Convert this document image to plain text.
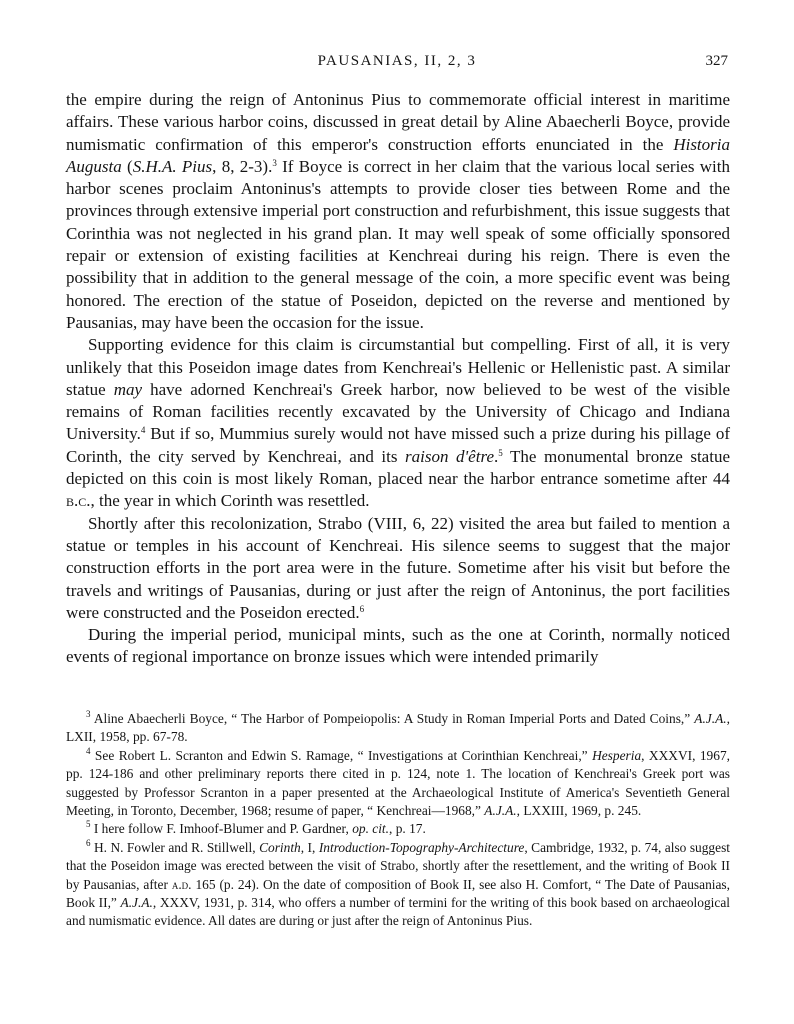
PAUSANIAS, II, 2, 3	327

the empire during the reign of Antoninus Pius to commemorate official interest in maritime affairs. These various harbor coins, discussed in great detail by Aline Abaecherli Boyce, provide numismatic confirmation of this emperor's construction efforts enunciated in the Historia Augusta (S.H.A. Pius, 8, 2-3).$^3$ If Boyce is correct in her claim that the various local series with harbor scenes proclaim Antoninus's attempts to provide closer ties between Rome and the provinces through extensive imperial port construction and refurbishment, this issue suggests that Corinthia was not neglected in his grand plan. It may well speak of some officially sponsored repair or extension of existing facilities at Kenchreai during his reign. There is even the possibility that in addition to the general message of the coin, a more specific event was being honored. The erection of the statue of Poseidon, depicted on the reverse and mentioned by Pausanias, may have been the occasion for the issue.

Supporting evidence for this claim is circumstantial but compelling. First of all, it is very unlikely that this Poseidon image dates from Kenchreai's Hellenic or Hellenistic past. A similar statue may have adorned Kenchreai's Greek harbor, now believed to be west of the visible remains of Roman facilities recently excavated by the University of Chicago and Indiana University.$^4$ But if so, Mummius surely would not have missed such a prize during his pillage of Corinth, the city served by Kenchreai, and its raison d'être.$^5$ The monumental bronze statue depicted on this coin is most likely Roman, placed near the harbor entrance sometime after 44 b.c., the year in which Corinth was resettled.

Shortly after this recolonization, Strabo (VIII, 6, 22) visited the area but failed to mention a statue or temples in his account of Kenchreai. His silence seems to suggest that the major construction efforts in the port area were in the future. Sometime after his visit but before the travels and writings of Pausanias, during or just after the reign of Antoninus, the port facilities were constructed and the Poseidon erected.$^6$

During the imperial period, municipal mints, such as the one at Corinth, normally noticed events of regional importance on bronze issues which were intended primarily

$^3$ Aline Abaecherli Boyce, “ The Harbor of Pompeiopolis: A Study in Roman Imperial Ports and Dated Coins,” A.J.A., LXII, 1958, pp. 67-78.

$^4$ See Robert L. Scranton and Edwin S. Ramage, “ Investigations at Corinthian Kenchreai,” Hesperia, XXXVI, 1967, pp. 124-186 and other preliminary reports there cited in p. 124, note 1. The location of Kenchreai's Greek port was suggested by Professor Scranton in a paper presented at the Archaeological Institute of America's Seventieth General Meeting, in Toronto, December, 1968; resume of paper, “ Kenchreai—1968,” A.J.A., LXXIII, 1969, p. 245.

$^5$ I here follow F. Imhoof-Blumer and P. Gardner, op. cit., p. 17.

$^6$ H. N. Fowler and R. Stillwell, Corinth, I, Introduction-Topography-Architecture, Cambridge, 1932, p. 74, also suggest that the Poseidon image was erected between the visit of Strabo, shortly after the resettlement, and the writing of Book II by Pausanias, after a.d. 165 (p. 24). On the date of composition of Book II, see also H. Comfort, “ The Date of Pausanias, Book II,” A.J.A., XXXV, 1931, p. 314, who offers a number of termini for the writing of this book based on archaeological and numismatic evidence. All dates are during or just after the reign of Antoninus Pius.
